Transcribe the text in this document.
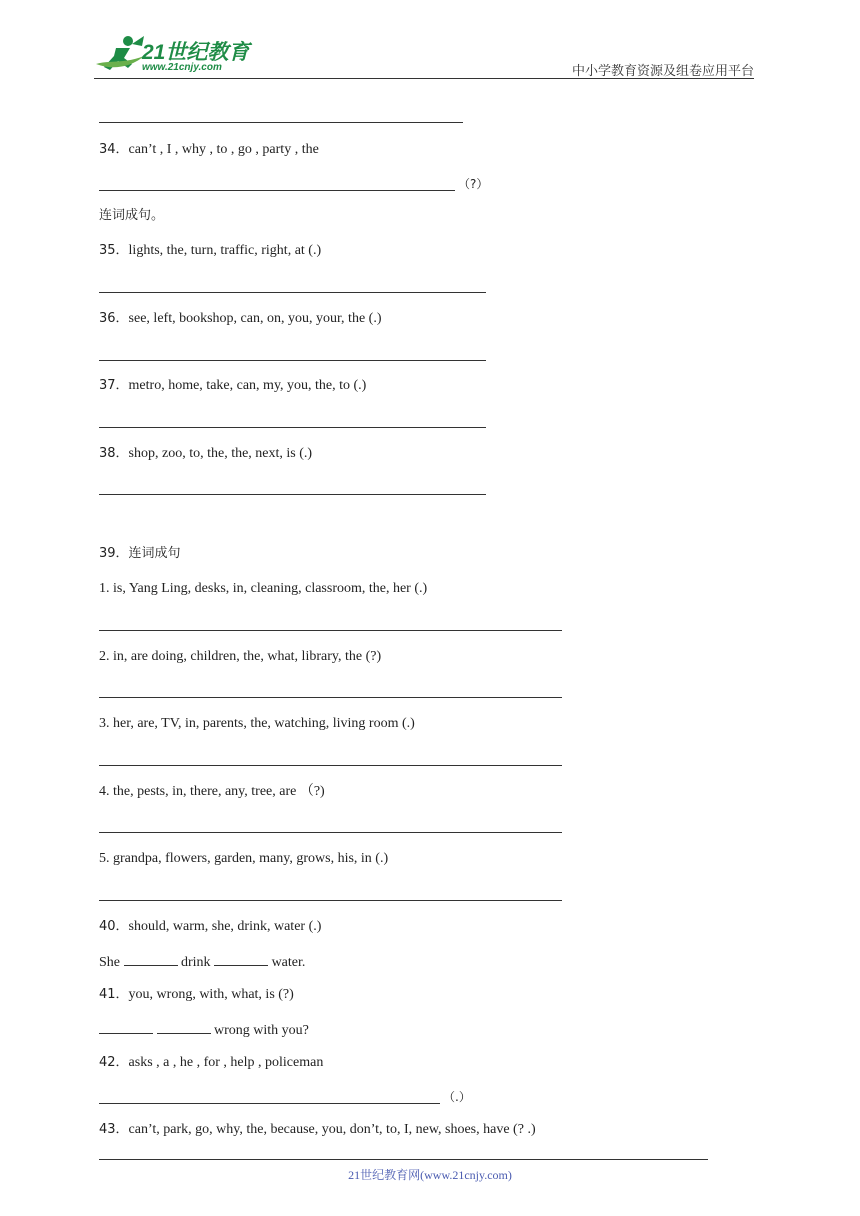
21世纪教育
www.21cnjy.com	中小学教育资源及组卷应用平台
34．can’t , I , why , to , go , party , the
（?）
连词成句。
35．lights, the, turn, traffic, right, at (.)
36．see, left, bookshop, can, on, you, your, the (.)
37．metro, home, take, can, my, you, the, to (.)
38．shop, zoo, to, the, the, next, is (.)
39．连词成句
1. is, Yang Ling, desks, in, cleaning, classroom, the, her (.)
2. in, are doing, children, the, what, library, the (?)
3. her, are, TV, in, parents, the, watching, living room (.)
4. the, pests, in, there, any, tree, are （?)
5. grandpa, flowers, garden, many, grows, his, in (.)
40．should, warm, she, drink, water (.)
She	drink	water.
41．you, wrong, with, what, is (?)
wrong with you?
42．asks , a , he , for , help , policeman
（.）
43．can’t, park, go, why, the, because, you, don’t, to, I, new, shoes, have (? .)
21世纪教育网(www.21cnjy.com)
